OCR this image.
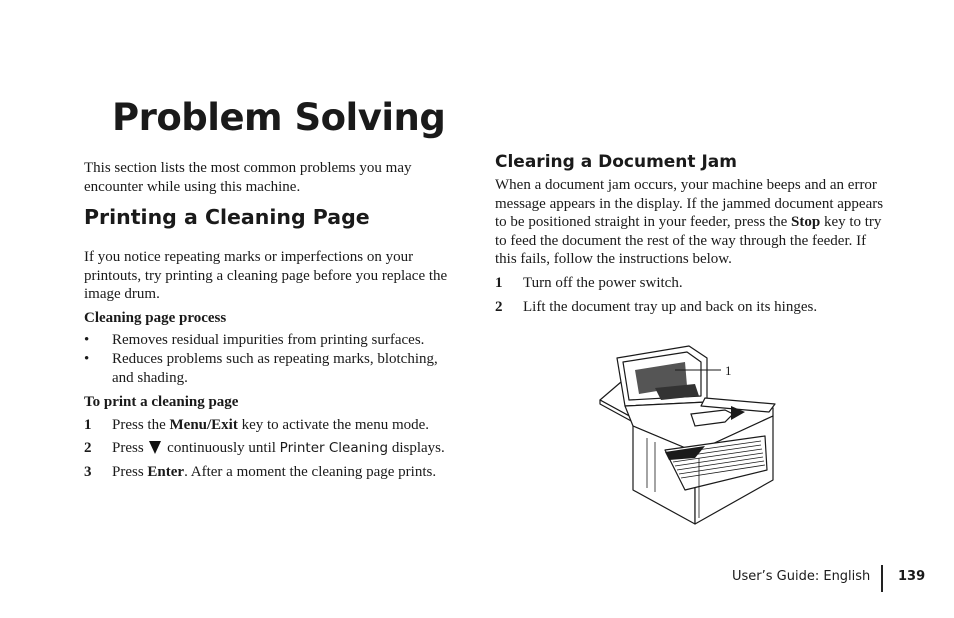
Problem Solving
This section lists the most common problems you may encounter while using this machine.
Printing a Cleaning Page
If you notice repeating marks or imperfections on your printouts, try printing a cleaning page before you replace the image drum.
Cleaning page process
• Removes residual impurities from printing surfaces.
• Reduces problems such as repeating marks, blotching, and shading.
To print a cleaning page
1 Press the Menu/Exit key to activate the menu mode.
2 Press  continuously until Printer Cleaning displays.
3 Press Enter. After a moment the cleaning page prints.
Clearing a Document Jam
When a document jam occurs, your machine beeps and an error message appears in the display. If the jammed document appears to be positioned straight in your feeder, press the Stop key to try to feed the document the rest of the way through the feeder. If this fails, follow the instructions below.
1 Turn off the power switch.
2 Lift the document tray up and back on its hinges.
1
User’s Guide: English 139
